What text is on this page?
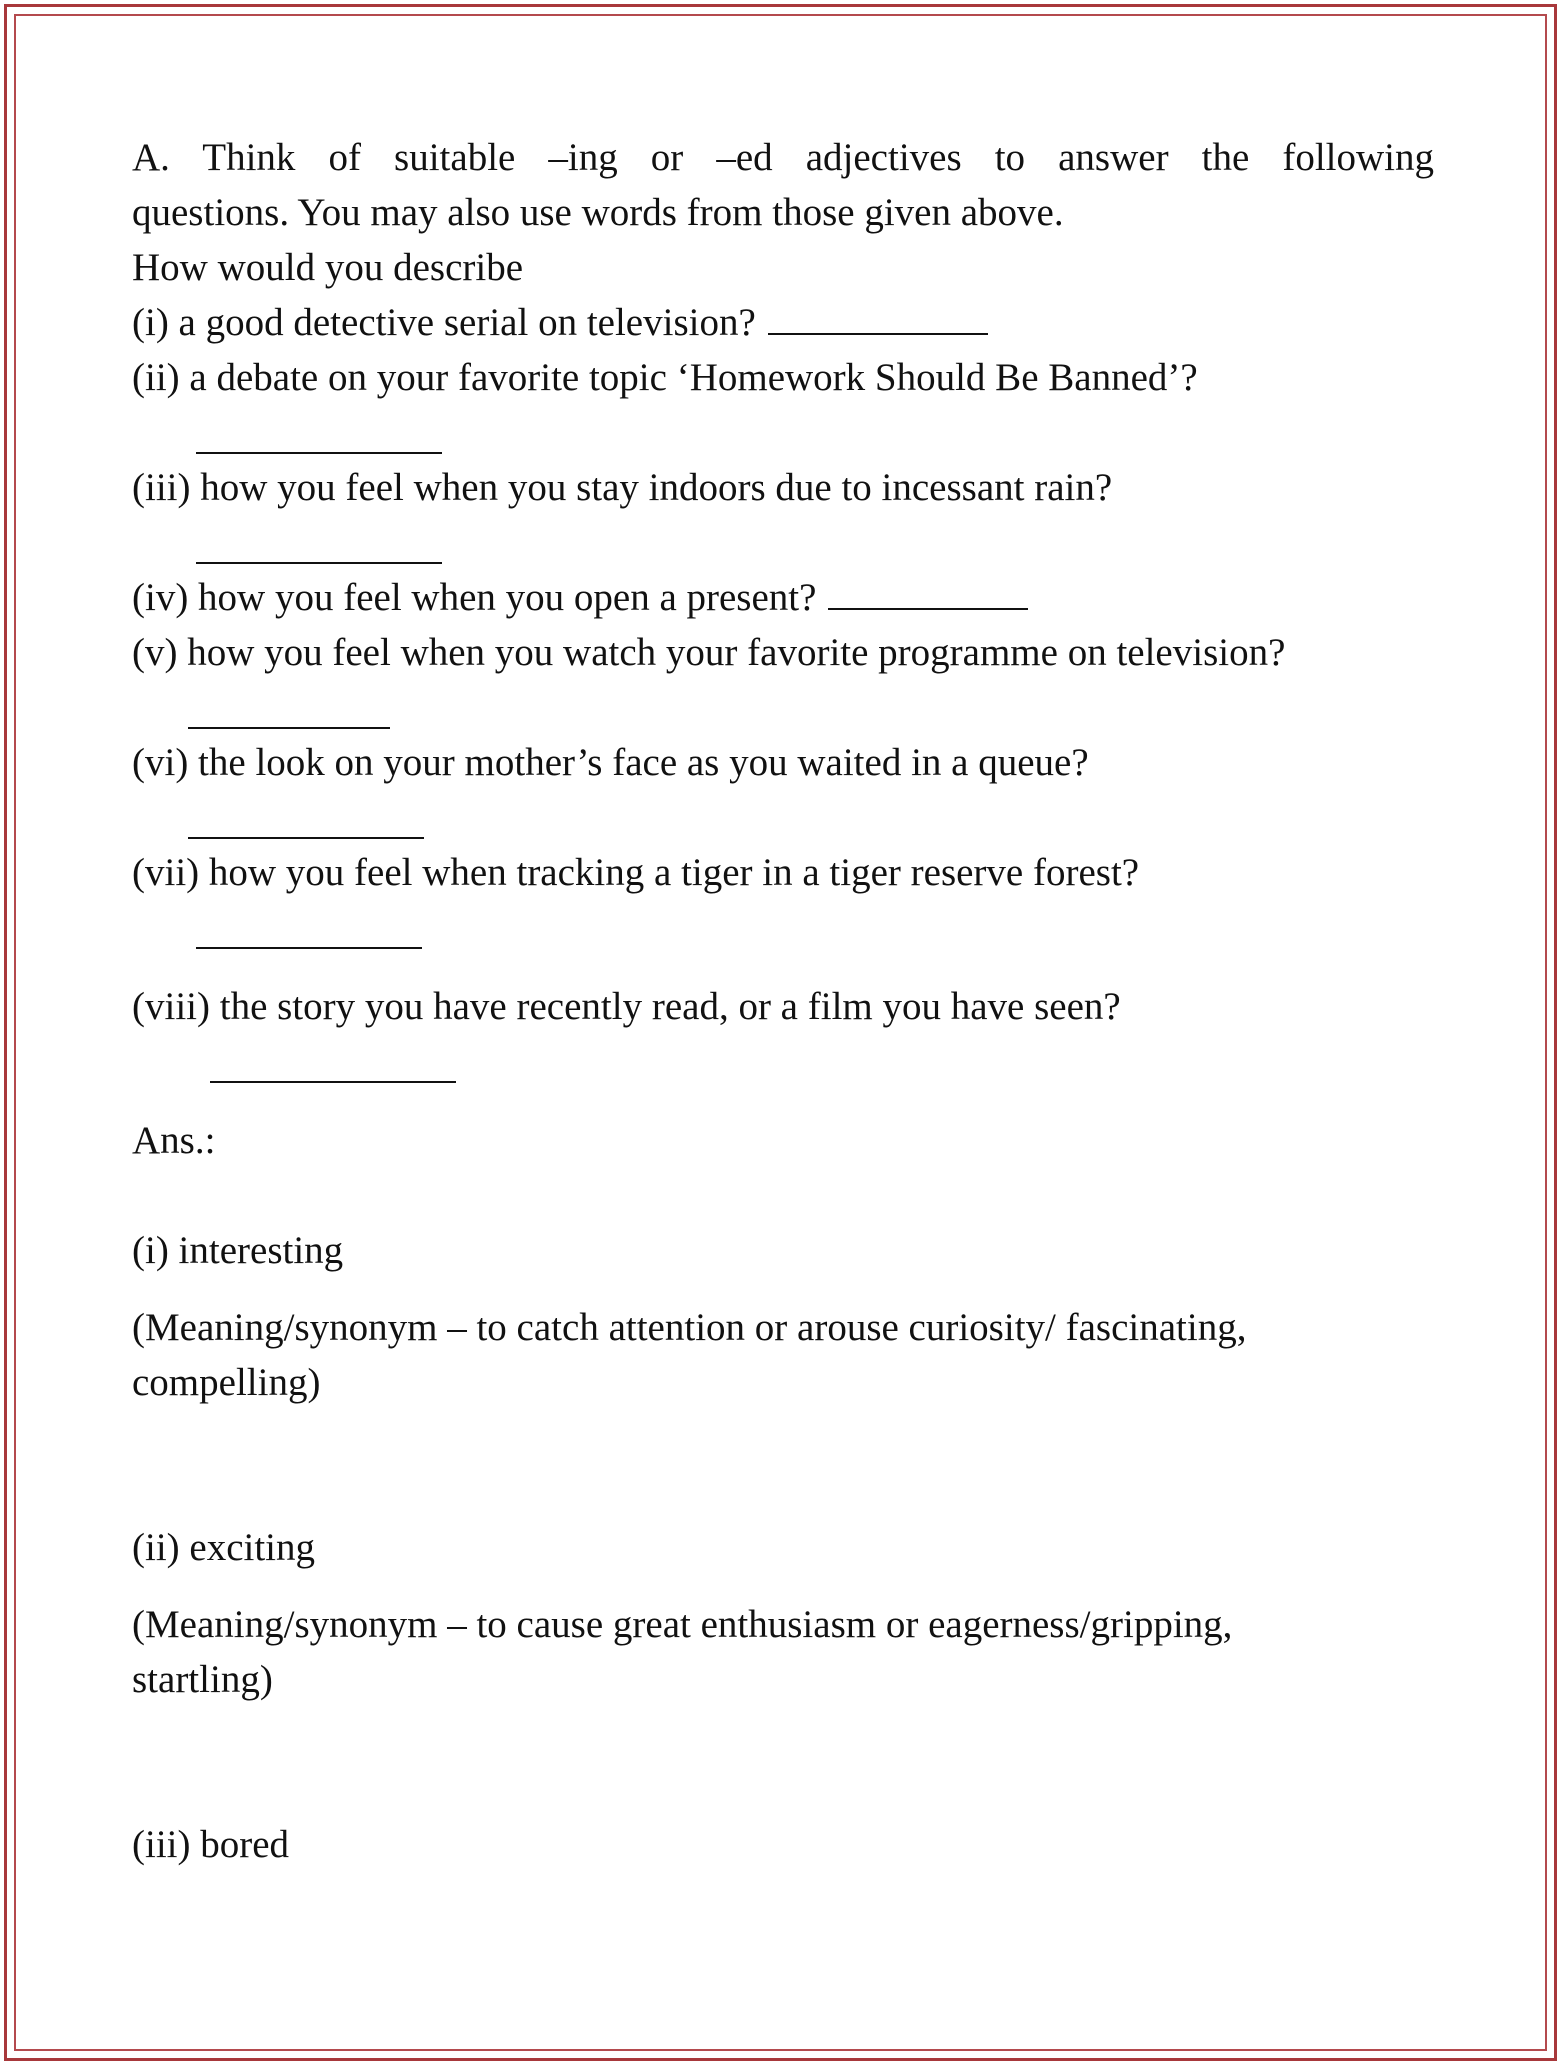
A. Think of suitable –ing or –ed adjectives to answer the following
questions. You may also use words from those given above.
How would you describe
(i) a good detective serial on television?
(ii) a debate on your favorite topic ‘Homework Should Be Banned’?
(iii) how you feel when you stay indoors due to incessant rain?
(iv) how you feel when you open a present?
(v) how you feel when you watch your favorite programme on television?
(vi) the look on your mother’s face as you waited in a queue?
(vii) how you feel when tracking a tiger in a tiger reserve forest?
(viii) the story you have recently read, or a film you have seen?
Ans.:
(i) interesting
(Meaning/synonym – to catch attention or arouse curiosity/ fascinating,
compelling)
(ii) exciting
(Meaning/synonym – to cause great enthusiasm or eagerness/gripping,
startling)
(iii) bored
